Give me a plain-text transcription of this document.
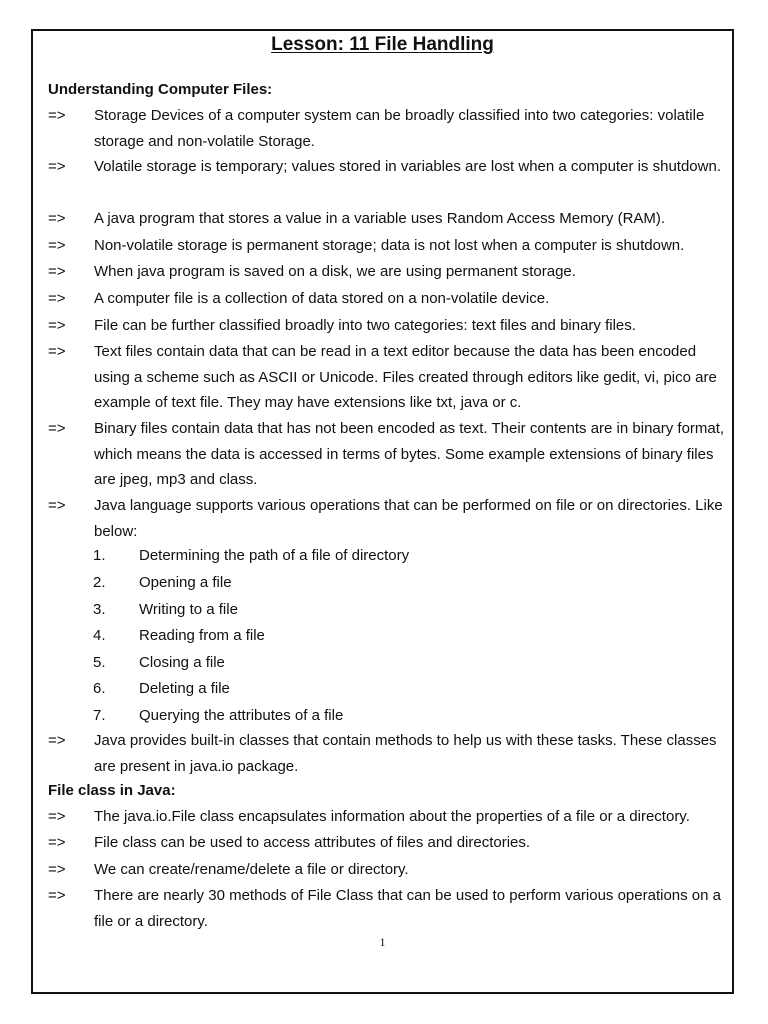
Lesson: 11 File Handling
Understanding Computer Files:
=> Storage Devices of a computer system can be broadly classified into two categories: volatile storage and non-volatile Storage.
=> Volatile storage is temporary; values stored in variables are lost when a computer is shutdown.
=> A java program that stores a value in a variable uses Random Access Memory (RAM).
=> Non-volatile storage is permanent storage; data is not lost when a computer is shutdown.
=> When java program is saved on a disk, we are using permanent storage.
=> A computer file is a collection of data stored on a non-volatile device.
=> File can be further classified broadly into two categories: text files and binary files.
=> Text files contain data that can be read in a text editor because the data has been encoded using a scheme such as ASCII or Unicode. Files created through editors like gedit, vi, pico are example of text file. They may have extensions like txt, java or c.
=> Binary files contain data that has not been encoded as text. Their contents are in binary format, which means the data is accessed in terms of bytes. Some example extensions of binary files are jpeg, mp3 and class.
=> Java language supports various operations that can be performed on file or on directories. Like below:
1. Determining the path of a file of directory
2. Opening a file
3. Writing to a file
4. Reading from a file
5. Closing a file
6. Deleting a file
7. Querying the attributes of a file
=> Java provides built-in classes that contain methods to help us with these tasks. These classes are present in java.io package.
File class in Java:
=> The java.io.File class encapsulates information about the properties of a file or a directory.
=> File class can be used to access attributes of files and directories.
=> We can create/rename/delete a file or directory.
=> There are nearly 30 methods of File Class that can be used to perform various operations on a file or a directory.
1
